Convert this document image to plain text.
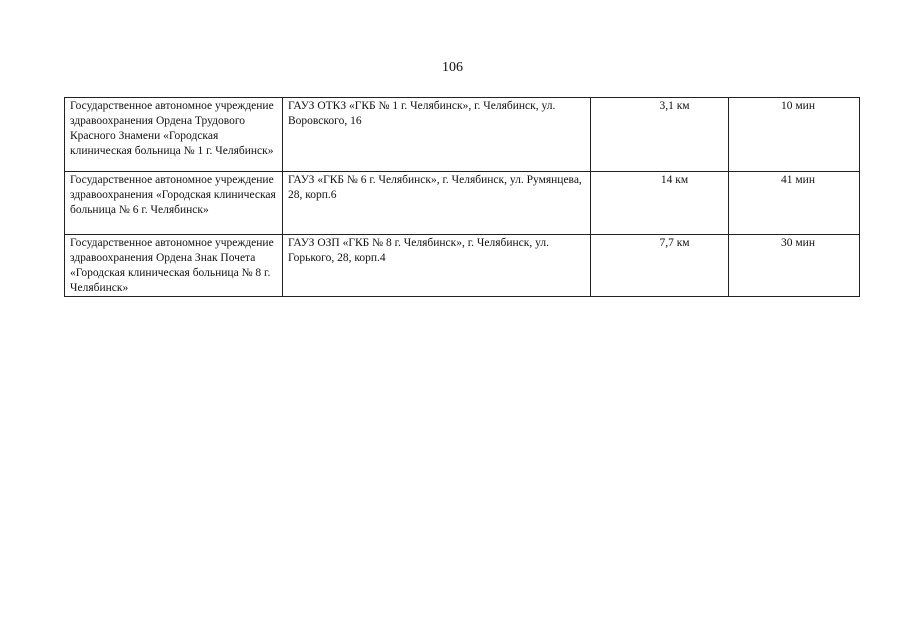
106
Государственное автономное учреждение здравоохранения Ордена Трудового Красного Знамени «Городская клиническая больница № 1 г. Челябинск»	ГАУЗ ОТКЗ «ГКБ № 1 г. Челябинск», г. Челябинск, ул. Воровского, 16	3,1 км	10 мин
Государственное автономное учреждение здравоохранения «Городская клиническая больница № 6 г. Челябинск»	ГАУЗ «ГКБ № 6 г. Челябинск», г. Челябинск, ул. Румянцева, 28, корп.6	14 км	41 мин
Государственное автономное учреждение здравоохранения Ордена Знак Почета «Городская клиническая больница № 8 г. Челябинск»	ГАУЗ ОЗП «ГКБ № 8 г. Челябинск», г. Челябинск, ул. Горького, 28, корп.4	7,7 км	30 мин
